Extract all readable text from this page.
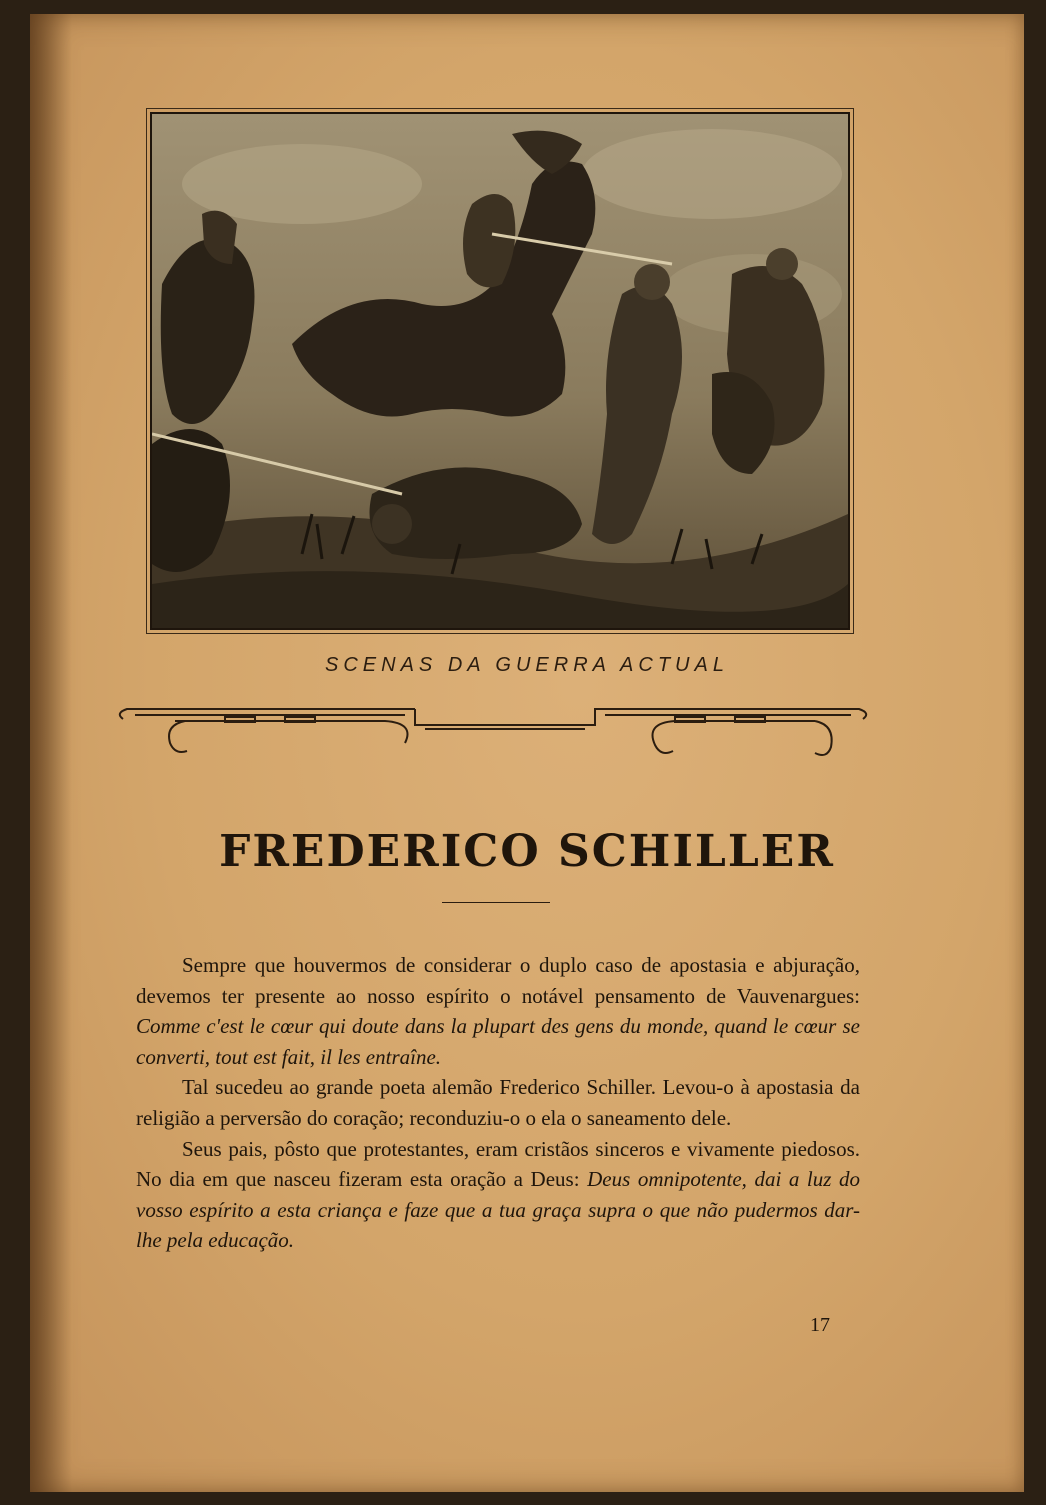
SCENAS DA GUERRA ACTUAL
FREDERICO SCHILLER

Sempre que houvermos de considerar o duplo caso de apostasia e abjuração, devemos ter presente ao nosso espírito o notável pensamento de Vauvenargues: Comme c'est le cœur qui doute dans la plupart des gens du monde, quand le cœur se converti, tout est fait, il les entraîne.

Tal sucedeu ao grande poeta alemão Frederico Schiller. Levou-o à apostasia da religião a perversão do coração; reconduziu-o o ela o saneamento dele.

Seus pais, pôsto que protestantes, eram cristãos sinceros e vivamente piedosos. No dia em que nasceu fizeram esta oração a Deus: Deus omnipotente, dai a luz do vosso espírito a esta criança e faze que a tua graça supra o que não pudermos dar-lhe pela educação.

17
